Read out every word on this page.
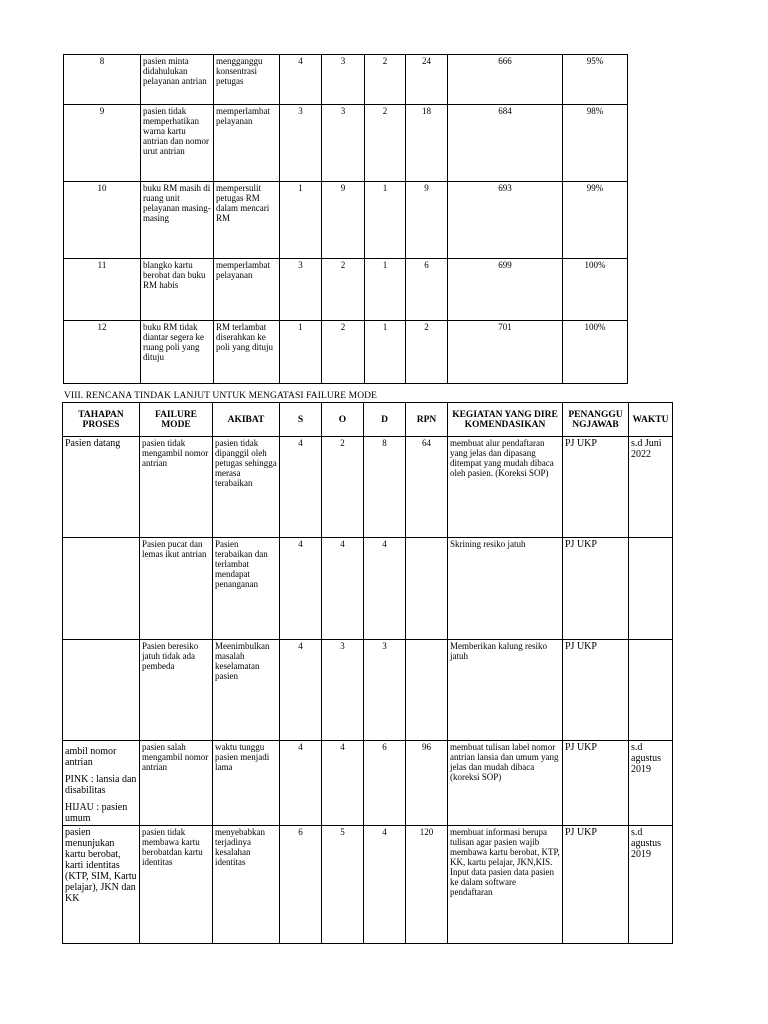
8	pasien minta didahulukan pelayanan antrian	mengganggu konsentrasi petugas	4	3	2	24	666	95%
9	pasien tidak memperhatikan warna kartu antrian dan nomor urut antrian	memperlambat pelayanan	3	3	2	18	684	98%
10	buku RM masih di ruang unit pelayanan masing-masing	mempersulit petugas RM dalam mencari RM	1	9	1	9	693	99%
11	blangko kartu berobat dan buku RM habis	memperlambat pelayanan	3	2	1	6	699	100%
12	buku RM tidak diantar segera ke ruang poli yang dituju	RM terlambat diserahkan ke poli yang dituju	1	2	1	2	701	100%
VIII. RENCANA TINDAK LANJUT UNTUK MENGATASI FAILURE MODE
TAHAPAN PROSES	FAILURE MODE	AKIBAT	S	O	D	RPN	KEGIATAN YANG DIREKOMENDASIKAN	PENANGGUNGJAWAB	WAKTU
Pasien datang	pasien tidak mengambil nomor antrian	pasien tidak dipanggil oleh petugas sehingga merasa terabaikan	4	2	8	64	membuat alur pendaftaran yang jelas dan dipasang ditempat yang mudah dibaca oleh pasien. (Koreksi SOP)	PJ UKP	s.d Juni 2022
	Pasien pucat dan lemas ikut antrian	Pasien terabaikan dan terlambat mendapat penanganan	4	4	4		Skrining resiko jatuh	PJ UKP	
	Pasien beresiko jatuh tidak ada pembeda	Meenimbulkan masalah keselamatan pasien	4	3	3		Memberikan kalung resiko jatuh	PJ UKP	

ambil nomor antrian
PINK : lansia dan disabilitas
HIJAU : pasien umum	pasien salah mengambil nomor antrian	waktu tunggu pasien menjadi lama	4	4	6	96	membuat tulisan label nomor antrian lansia dan umum yang jelas dan mudah dibaca (koreksi SOP)	PJ UKP	s.d agustus 2019
pasien menunjukan kartu berobat, karti identitas (KTP, SIM, Kartu pelajar), JKN dan KK	pasien tidak membawa kartu berobatdan kartu identitas	menyebabkan terjadinya kesalahan identitas	6	5	4	120	membuat informasi berupa tulisan agar pasien wajib membawa kartu berobat, KTP, KK, kartu pelajar, JKN,KIS. Input data pasien data pasien ke dalam software pendaftaran	PJ UKP	s.d agustus 2019
